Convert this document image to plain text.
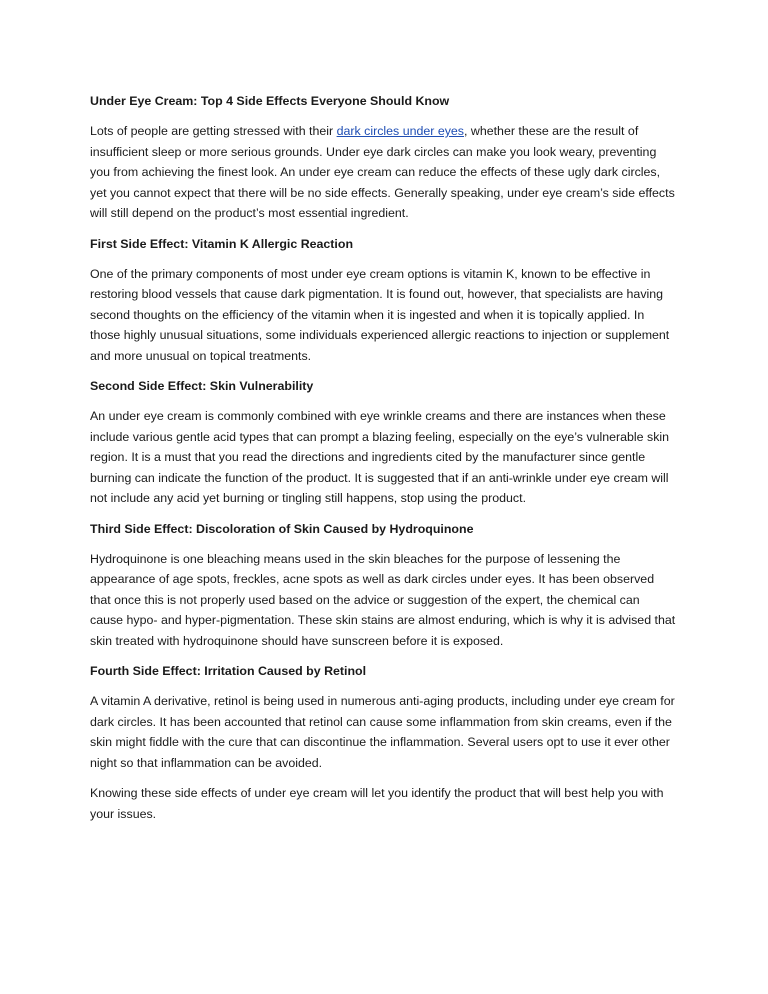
Under Eye Cream: Top 4 Side Effects Everyone Should Know

Lots of people are getting stressed with their dark circles under eyes, whether these are the result of insufficient sleep or more serious grounds. Under eye dark circles can make you look weary, preventing you from achieving the finest look. An under eye cream can reduce the effects of these ugly dark circles, yet you cannot expect that there will be no side effects. Generally speaking, under eye cream’s side effects will still depend on the product’s most essential ingredient.

First Side Effect: Vitamin K Allergic Reaction

One of the primary components of most under eye cream options is vitamin K, known to be effective in restoring blood vessels that cause dark pigmentation. It is found out, however, that specialists are having second thoughts on the efficiency of the vitamin when it is ingested and when it is topically applied. In those highly unusual situations, some individuals experienced allergic reactions to injection or supplement and more unusual on topical treatments.

Second Side Effect: Skin Vulnerability

An under eye cream is commonly combined with eye wrinkle creams and there are instances when these include various gentle acid types that can prompt a blazing feeling, especially on the eye’s vulnerable skin region. It is a must that you read the directions and ingredients cited by the manufacturer since gentle burning can indicate the function of the product. It is suggested that if an anti-wrinkle under eye cream will not include any acid yet burning or tingling still happens, stop using the product.

Third Side Effect: Discoloration of Skin Caused by Hydroquinone

Hydroquinone is one bleaching means used in the skin bleaches for the purpose of lessening the appearance of age spots, freckles, acne spots as well as dark circles under eyes. It has been observed that once this is not properly used based on the advice or suggestion of the expert, the chemical can cause hypo- and hyper-pigmentation. These skin stains are almost enduring, which is why it is advised that skin treated with hydroquinone should have sunscreen before it is exposed.

Fourth Side Effect: Irritation Caused by Retinol

A vitamin A derivative, retinol is being used in numerous anti-aging products, including under eye cream for dark circles. It has been accounted that retinol can cause some inflammation from skin creams, even if the skin might fiddle with the cure that can discontinue the inflammation. Several users opt to use it ever other night so that inflammation can be avoided.

Knowing these side effects of under eye cream will let you identify the product that will best help you with your issues.
